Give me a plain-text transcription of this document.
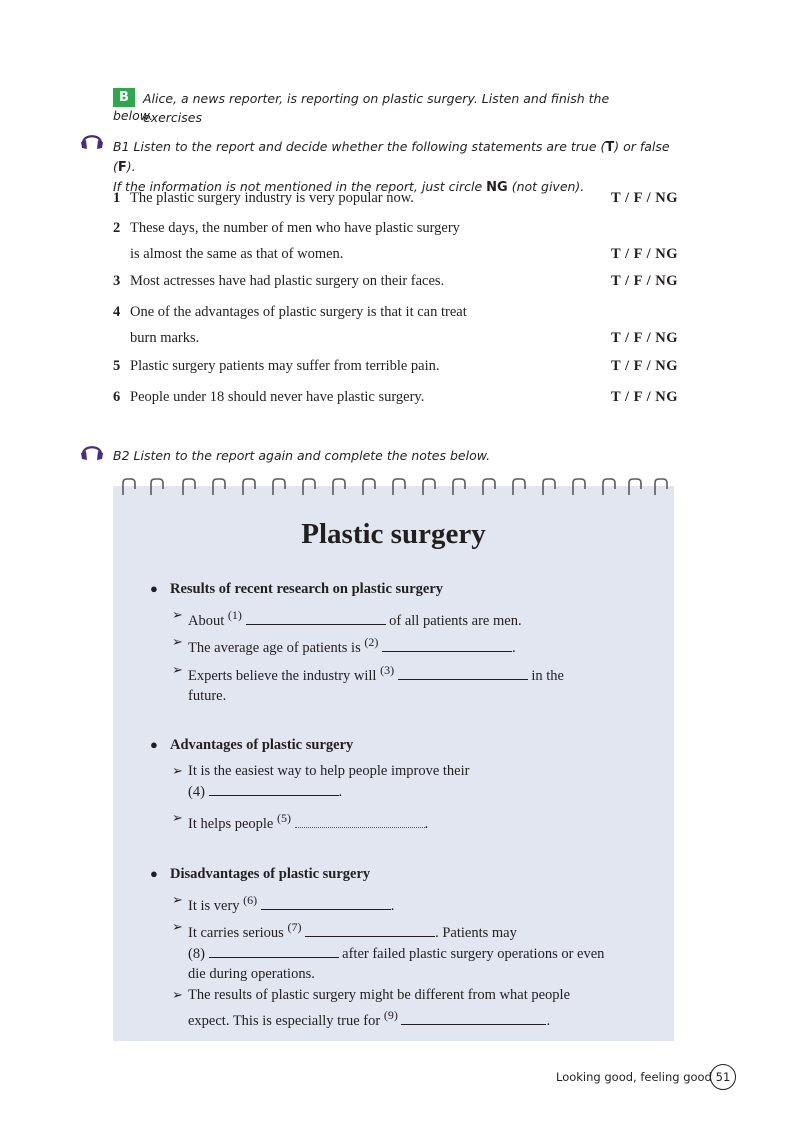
B	Alice, a news reporter, is reporting on plastic surgery. Listen and finish the exercises
below.
B1 Listen to the report and decide whether the following statements are true (T) or false (F).
If the information is not mentioned in the report, just circle NG (not given).
1 The plastic surgery industry is very popular now.	T / F / NG
2 These days, the number of men who have plastic surgery
is almost the same as that of women.	T / F / NG
3 Most actresses have had plastic surgery on their faces.	T / F / NG
4 One of the advantages of plastic surgery is that it can treat
burn marks.	T / F / NG
5 Plastic surgery patients may suffer from terrible pain.	T / F / NG
6 People under 18 should never have plastic surgery.	T / F / NG
B2 Listen to the report again and complete the notes below.
Plastic surgery
● Results of recent research on plastic surgery
➢ About $^{(1)}$	of all patients are men.
➢ The average age of patients is $^{(2)}$	.
➢ Experts believe the industry will $^{(3)}$	in the
future.
● Advantages of plastic surgery
➢ It is the easiest way to help people improve their
(4)	.
➢ It helps people $^{(5)}$	.
● Disadvantages of plastic surgery
➢ It is very $^{(6)}$	.
➢ It carries serious $^{(7)}$	. Patients may
(8)	after failed plastic surgery operations or even
die during operations.
➢ The results of plastic surgery might be different from what people
expect. This is especially true for $^{(9)}$	.
Looking good, feeling good 51
